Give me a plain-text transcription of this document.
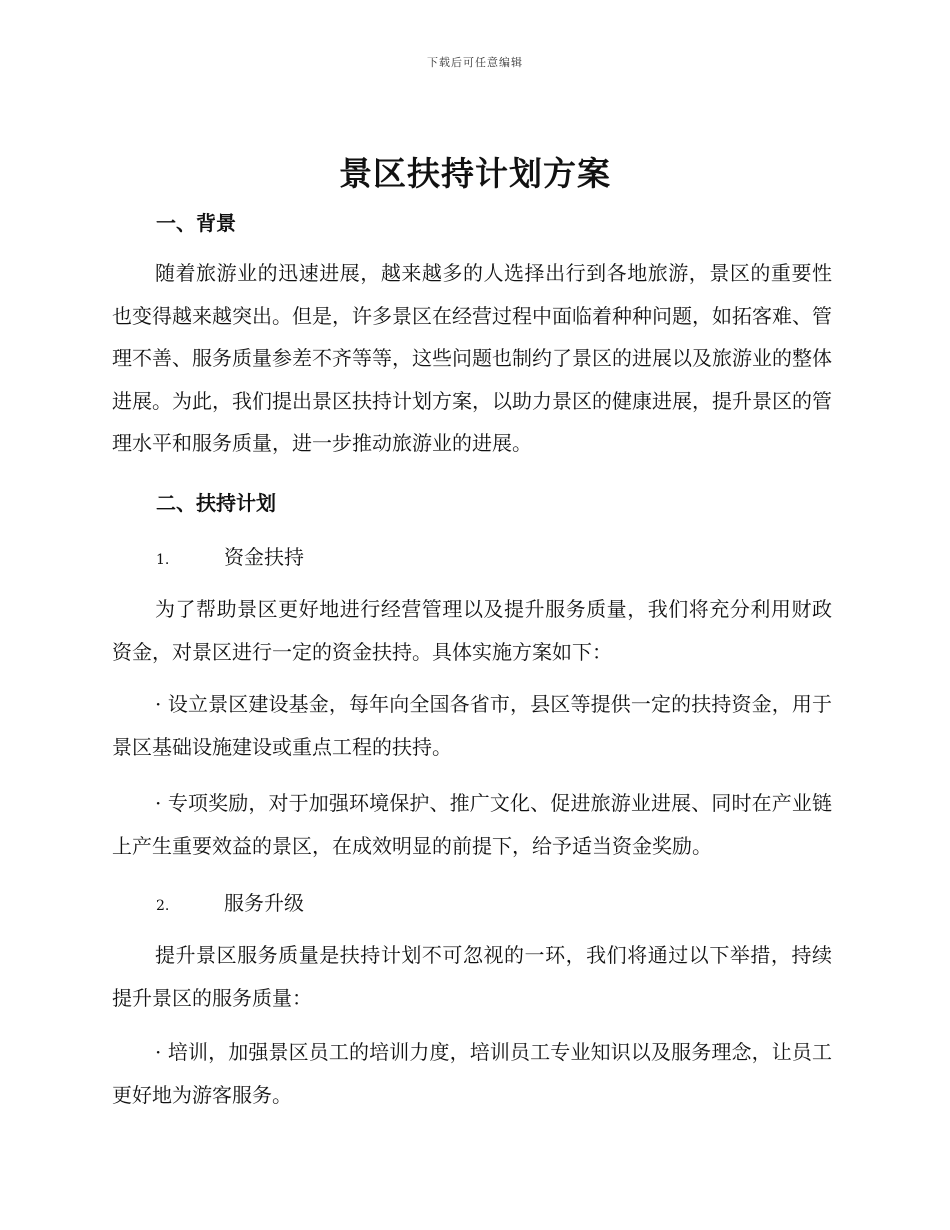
下载后可任意编辑
景区扶持计划方案
一、背景

随着旅游业的迅速进展，越来越多的人选择出行到各地旅游，景区的重要性也变得越来越突出。但是，许多景区在经营过程中面临着种种问题，如拓客难、管理不善、服务质量参差不齐等等，这些问题也制约了景区的进展以及旅游业的整体进展。为此，我们提出景区扶持计划方案，以助力景区的健康进展，提升景区的管理水平和服务质量，进一步推动旅游业的进展。

二、扶持计划
1.	资金扶持

为了帮助景区更好地进行经营管理以及提升服务质量，我们将充分利用财政资金，对景区进行一定的资金扶持。具体实施方案如下：

· 设立景区建设基金，每年向全国各省市，县区等提供一定的扶持资金，用于景区基础设施建设或重点工程的扶持。

· 专项奖励，对于加强环境保护、推广文化、促进旅游业进展、同时在产业链上产生重要效益的景区，在成效明显的前提下，给予适当资金奖励。

2.	服务升级

提升景区服务质量是扶持计划不可忽视的一环，我们将通过以下举措，持续提升景区的服务质量：

· 培训，加强景区员工的培训力度，培训员工专业知识以及服务理念，让员工更好地为游客服务。
